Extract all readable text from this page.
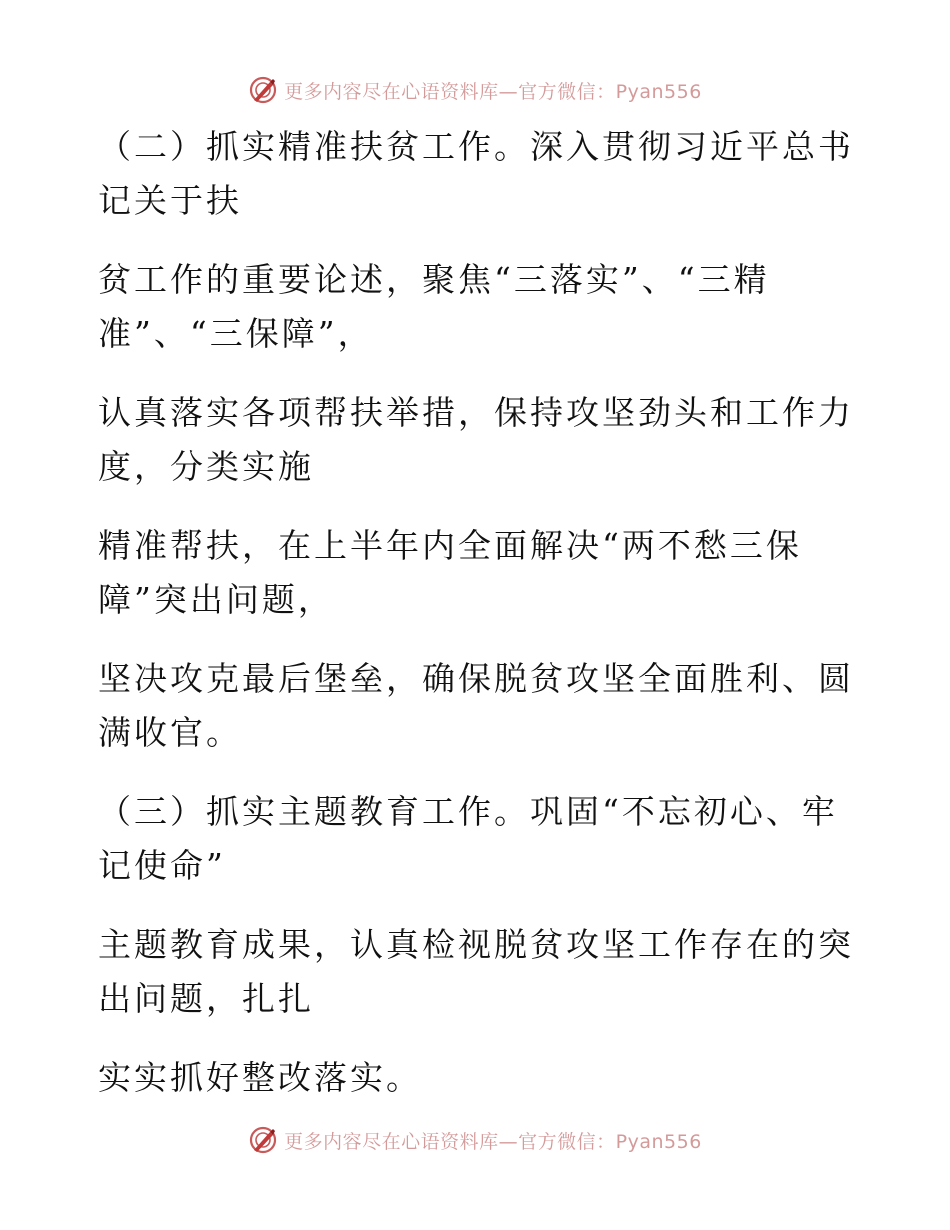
更多内容尽在心语资料库—官方微信：Pyan556

（二）抓实精准扶贫工作。深入贯彻习近平总书
记关于扶

贫工作的重要论述，聚焦“三落实”、“三精
准”、“三保障”，

认真落实各项帮扶举措，保持攻坚劲头和工作力
度，分类实施

精准帮扶，在上半年内全面解决“两不愁三保
障”突出问题，

坚决攻克最后堡垒，确保脱贫攻坚全面胜利、圆
满收官。

（三）抓实主题教育工作。巩固“不忘初心、牢
记使命”

主题教育成果，认真检视脱贫攻坚工作存在的突
出问题，扎扎

实实抓好整改落实。

更多内容尽在心语资料库—官方微信：Pyan556
